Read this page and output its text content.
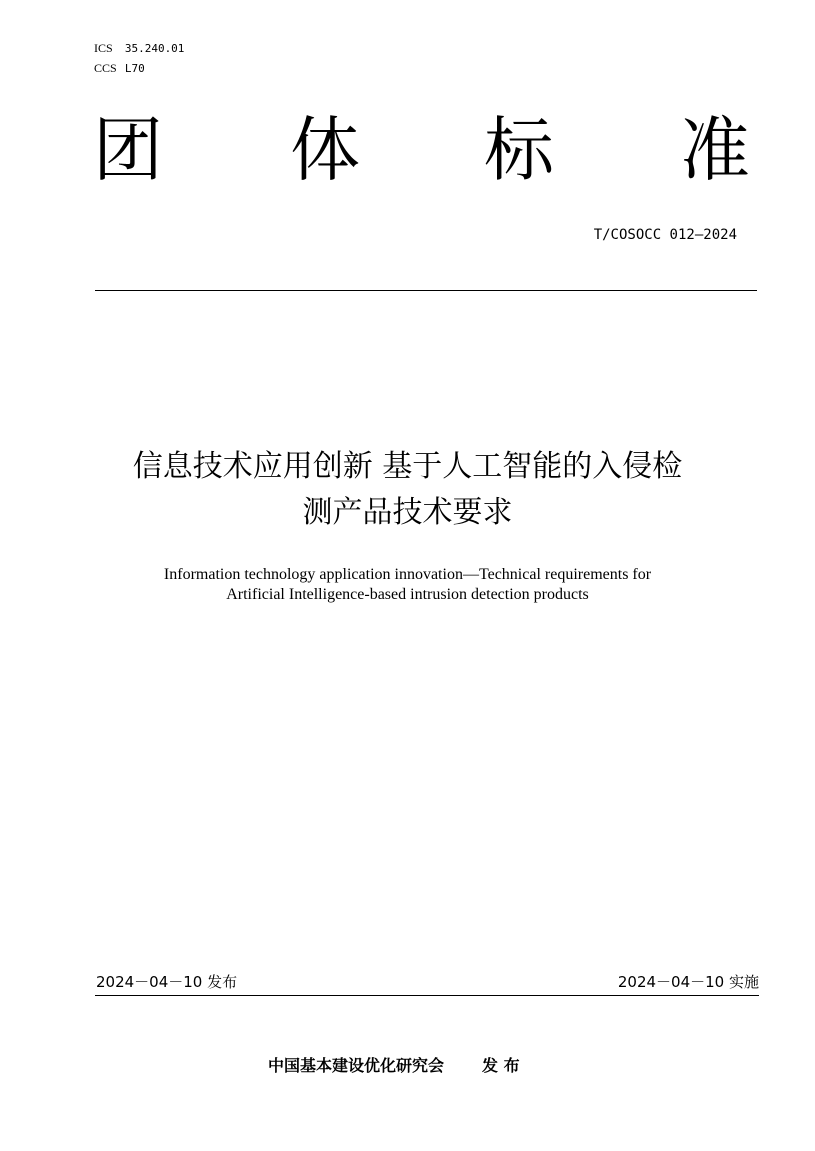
ICS 35.240.01
CCS L70
团 体 标 准
T/COSOCC 012—2024
信息技术应用创新 基于人工智能的入侵检
测产品技术要求
Information technology application innovation—Technical requirements for
Artificial Intelligence-based intrusion detection products
2024－04－10 发布	2024－04－10 实施
中国基本建设优化研究会 发 布
